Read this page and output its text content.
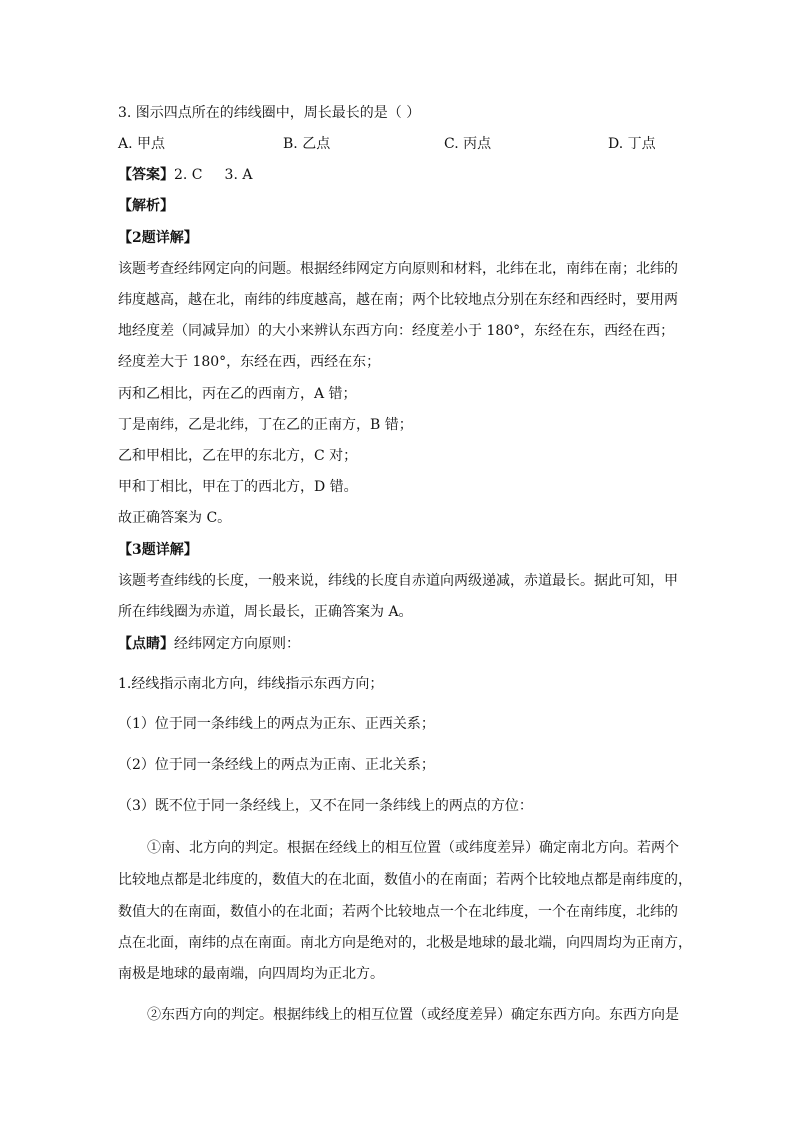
3. 图示四点所在的纬线圈中，周长最长的是（ ）
A. 甲点	B. 乙点	C. 丙点	D. 丁点
【答案】2. C 3. A
【解析】
【2题详解】
该题考查经纬网定向的问题。根据经纬网定方向原则和材料，北纬在北，南纬在南；北纬的
纬度越高，越在北，南纬的纬度越高，越在南；两个比较地点分别在东经和西经时，要用两
地经度差（同减异加）的大小来辨认东西方向：经度差小于 180°，东经在东，西经在西；
经度差大于 180°，东经在西，西经在东；
丙和乙相比，丙在乙的西南方，A 错；
丁是南纬，乙是北纬，丁在乙的正南方，B 错；
乙和甲相比，乙在甲的东北方，C 对；
甲和丁相比，甲在丁的西北方，D 错。
故正确答案为 C。
【3题详解】
该题考查纬线的长度，一般来说，纬线的长度自赤道向两级递减，赤道最长。据此可知，甲
所在纬线圈为赤道，周长最长，正确答案为 A。
【点睛】经纬网定方向原则：
1.经线指示南北方向，纬线指示东西方向；
（1）位于同一条纬线上的两点为正东、正西关系；
（2）位于同一条经线上的两点为正南、正北关系；
（3）既不位于同一条经线上，又不在同一条纬线上的两点的方位：
①南、北方向的判定。根据在经线上的相互位置（或纬度差异）确定南北方向。若两个
比较地点都是北纬度的，数值大的在北面，数值小的在南面；若两个比较地点都是南纬度的，
数值大的在南面，数值小的在北面；若两个比较地点一个在北纬度，一个在南纬度，北纬的
点在北面，南纬的点在南面。南北方向是绝对的，北极是地球的最北端，向四周均为正南方，
南极是地球的最南端，向四周均为正北方。
②东西方向的判定。根据纬线上的相互位置（或经度差异）确定东西方向。东西方向是
